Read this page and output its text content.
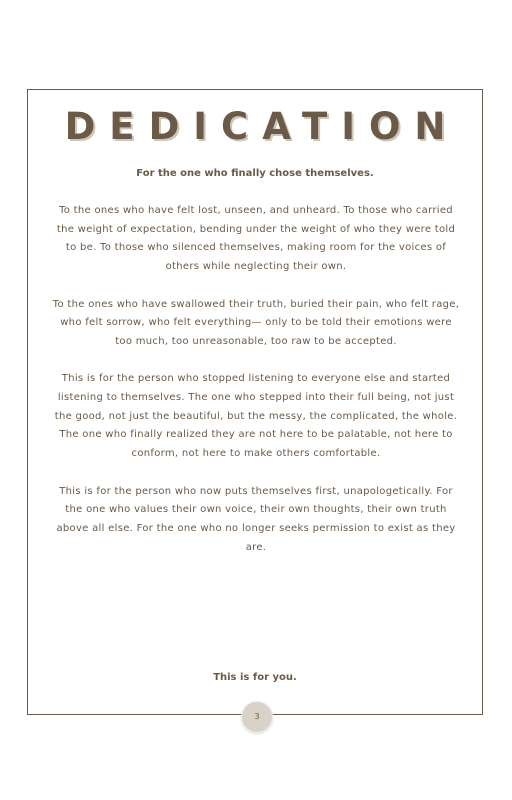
DEDICATION
For the one who finally chose themselves.

To the ones who have felt lost, unseen, and unheard. To those who carried the weight of expectation, bending under the weight of who they were told to be. To those who silenced themselves, making room for the voices of others while neglecting their own.

To the ones who have swallowed their truth, buried their pain, who felt rage, who felt sorrow, who felt everything— only to be told their emotions were too much, too unreasonable, too raw to be accepted.

This is for the person who stopped listening to everyone else and started listening to themselves. The one who stepped into their full being, not just the good, not just the beautiful, but the messy, the complicated, the whole. The one who finally realized they are not here to be palatable, not here to conform, not here to make others comfortable.

This is for the person who now puts themselves first, unapologetically. For the one who values their own voice, their own thoughts, their own truth above all else. For the one who no longer seeks permission to exist as they are.

This is for you.
3
